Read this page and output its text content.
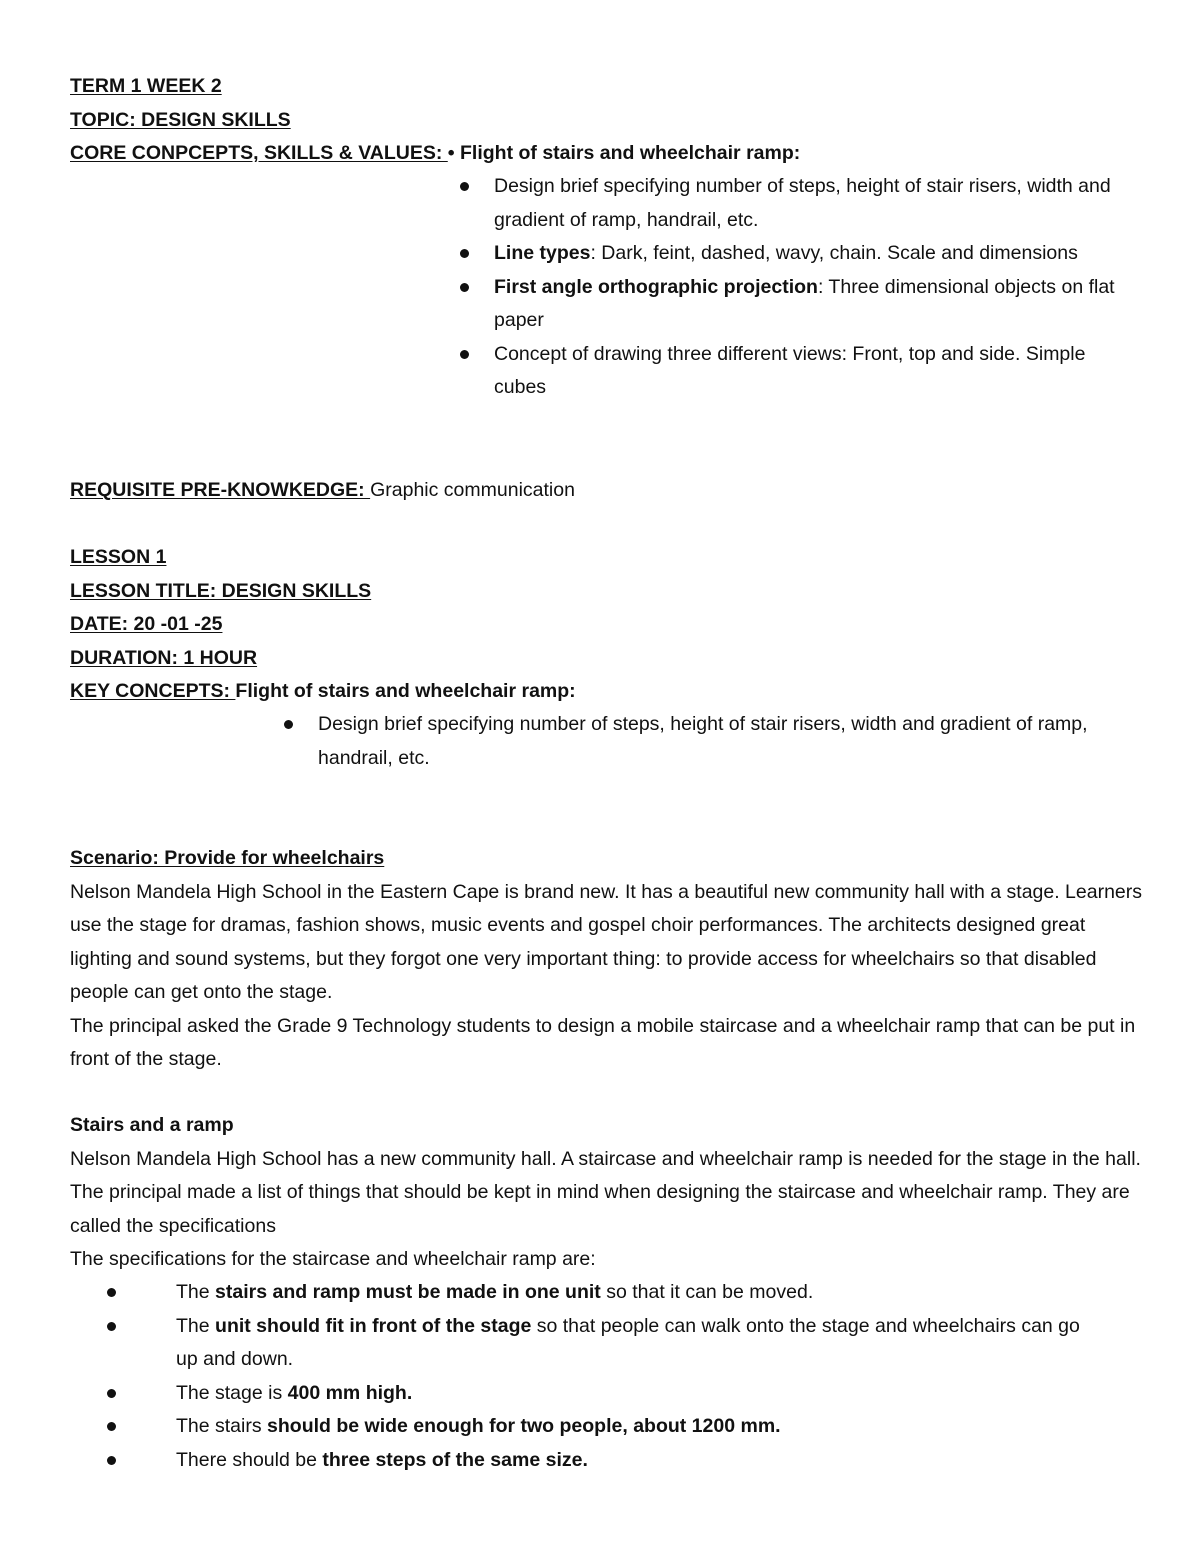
TERM 1 WEEK 2

TOPIC: DESIGN SKILLS

CORE CONPCEPTS, SKILLS & VALUES: • Flight of stairs and wheelchair ramp:

Design brief specifying number of steps, height of stair risers, width and gradient of ramp, handrail, etc.
Line types: Dark, feint, dashed, wavy, chain. Scale and dimensions
First angle orthographic projection: Three dimensional objects on flat paper
Concept of drawing three different views: Front, top and side. Simple cubes

REQUISITE PRE-KNOWKEDGE: Graphic communication

LESSON 1

LESSON TITLE: DESIGN SKILLS

DATE: 20 -01 -25

DURATION: 1 HOUR

KEY CONCEPTS: Flight of stairs and wheelchair ramp:

Design brief specifying number of steps, height of stair risers, width and gradient of ramp, handrail, etc.

Scenario: Provide for wheelchairs

Nelson Mandela High School in the Eastern Cape is brand new. It has a beautiful new community hall with a stage. Learners use the stage for dramas, fashion shows, music events and gospel choir performances. The architects designed great lighting and sound systems, but they forgot one very important thing: to provide access for wheelchairs so that disabled people can get onto the stage.

The principal asked the Grade 9 Technology students to design a mobile staircase and a wheelchair ramp that can be put in front of the stage.

Stairs and a ramp

Nelson Mandela High School has a new community hall. A staircase and wheelchair ramp is needed for the stage in the hall. The principal made a list of things that should be kept in mind when designing the staircase and wheelchair ramp. They are called the specifications

The specifications for the staircase and wheelchair ramp are:

The stairs and ramp must be made in one unit so that it can be moved.
The unit should fit in front of the stage so that people can walk onto the stage and wheelchairs can go up and down.
The stage is 400 mm high.
The stairs should be wide enough for two people, about 1200 mm.
There should be three steps of the same size.
